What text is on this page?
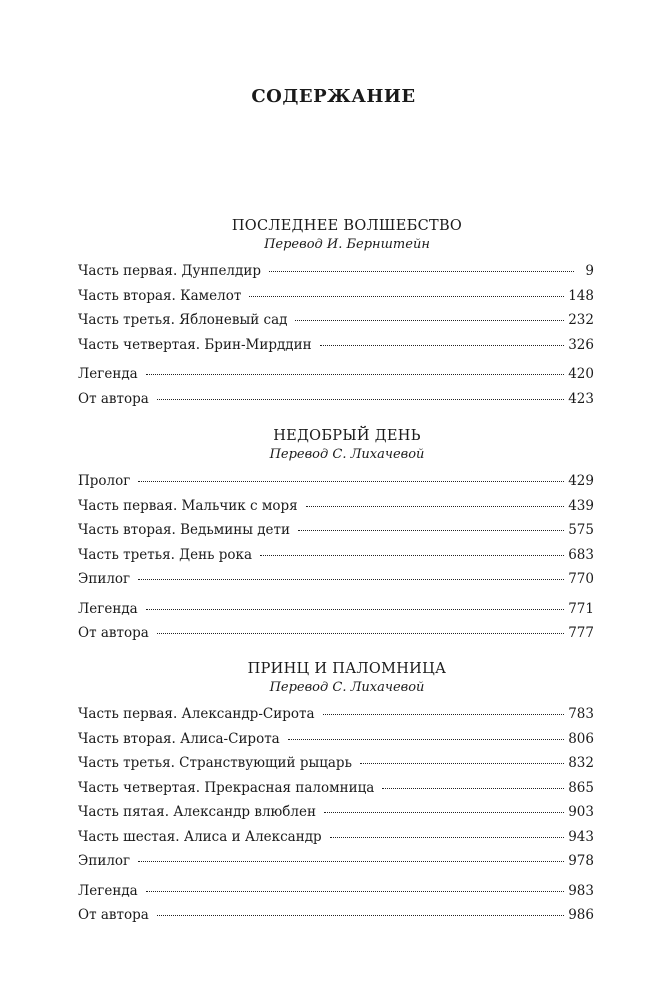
СОДЕРЖАНИЕ
ПОСЛЕДНЕЕ ВОЛШЕБСТВО
Перевод И. Бернштейн
Часть первая. Дунпелдир	9
Часть вторая. Камелот	148
Часть третья. Яблоневый сад	232
Часть четвертая. Брин-Мирддин	326
Легенда	420
От автора	423
НЕДОБРЫЙ ДЕНЬ
Перевод С. Лихачевой
Пролог	429
Часть первая. Мальчик с моря	439
Часть вторая. Ведьмины дети	575
Часть третья. День рока	683
Эпилог	770
Легенда	771
От автора	777
ПРИНЦ И ПАЛОМНИЦА
Перевод С. Лихачевой
Часть первая. Александр-Сирота	783
Часть вторая. Алиса-Сирота	806
Часть третья. Странствующий рыцарь	832
Часть четвертая. Прекрасная паломница	865
Часть пятая. Александр влюблен	903
Часть шестая. Алиса и Александр	943
Эпилог	978
Легенда	983
От автора	986
